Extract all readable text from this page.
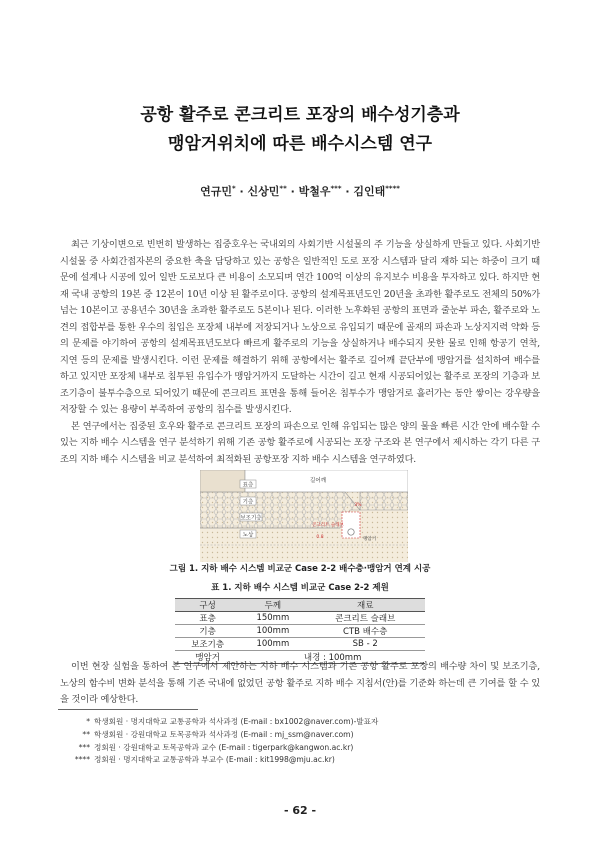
공항 활주로 콘크리트 포장의 배수성기층과
맹암거위치에 따른 배수시스템 연구
연규민* · 신상민** · 박철우*** · 김인태****
최근 기상이변으로 빈번히 발생하는 집중호우는 국내외의 사회기반 시설물의 주 기능을 상실하게 만들고 있다. 사회기반 시설물 중 사회간접자본의 중요한 축을 담당하고 있는 공항은 일반적인 도로 포장 시스템과 달리 재하 되는 하중이 크기 때문에 설계나 시공에 있어 일반 도로보다 큰 비용이 소모되며 연간 100억 이상의 유지보수 비용을 투자하고 있다. 하지만 현재 국내 공항의 19본 중 12본이 10년 이상 된 활주로이다. 공항의 설계목표년도인 20년을 초과한 활주로도 전체의 50%가 넘는 10본이고 공용년수 30년을 초과한 활주로도 5본이나 된다. 이러한 노후화된 공항의 표면과 줄눈부 파손, 활주로와 노견의 접합부를 통한 우수의 침입은 포장체 내부에 저장되거나 노상으로 유입되기 때문에 골재의 파손과 노상지지력 약화 등의 문제를 야기하여 공항의 설계목표년도보다 빠르게 활주로의 기능을 상실하거나 배수되지 못한 물로 인해 항공기 연착, 지연 등의 문제를 발생시킨다. 이런 문제를 해결하기 위해 공항에서는 활주로 길어깨 끝단부에 맹암거를 설치하여 배수를 하고 있지만 포장체 내부로 침투된 유입수가 맹암거까지 도달하는 시간이 길고 현재 시공되어있는 활주로 포장의 기층과 보조기층이 불투수층으로 되어있기 때문에 콘크리트 표면을 통해 들어온 침투수가 맹암거로 흘러가는 동안 쌓이는 강우량을 저장할 수 있는 용량이 부족하여 공항의 침수를 발생시킨다.
본 연구에서는 집중된 호우와 활주로 콘크리트 포장의 파손으로 인해 유입되는 많은 양의 물을 빠른 시간 안에 배수할 수 있는 지하 배수 시스템을 연구 분석하기 위해 기존 공항 활주로에 시공되는 포장 구조와 본 연구에서 제시하는 각기 다른 구조의 지하 배수 시스템을 비교 분석하여 최적화된 공항포장 지하 배수 시스템을 연구하였다.
표층
기층
보조기층
노상
길어깨
콘크리트 슬래브
3%
0.8	맹암거
그림 1. 지하 배수 시스템 비교군 Case 2-2 배수층·맹암거 연계 시공
표 1. 지하 배수 시스템 비교군 Case 2-2 제원
구성	두께	재료
표층	150mm	콘크리트 슬래브
기층	100mm	CTB 배수층
보조기층	100mm	SB - 2
맹암거	내경 : 100mm	
이번 현장 실험을 통하여 본 연구에서 제안하는 지하 배수 시스템과 기존 공항 활주로 포장의 배수량 차이 및 보조기층, 노상의 함수비 변화 분석을 통해 기존 국내에 없었던 공항 활주로 지하 배수 지침서(안)를 기준화 하는데 큰 기여를 할 수 있을 것이라 예상한다.
* 학생회원 · 명지대학교 교통공학과 석사과정 (E-mail : bx1002@naver.com)-발표자
** 학생회원 · 강원대학교 토목공학과 석사과정 (E-mail : mj_ssm@naver.com)
*** 정회원 · 강원대학교 토목공학과 교수 (E-mail : tigerpark@kangwon.ac.kr)
**** 정회원 · 명지대학교 교통공학과 부교수 (E-mail : kit1998@mju.ac.kr)
- 62 -
